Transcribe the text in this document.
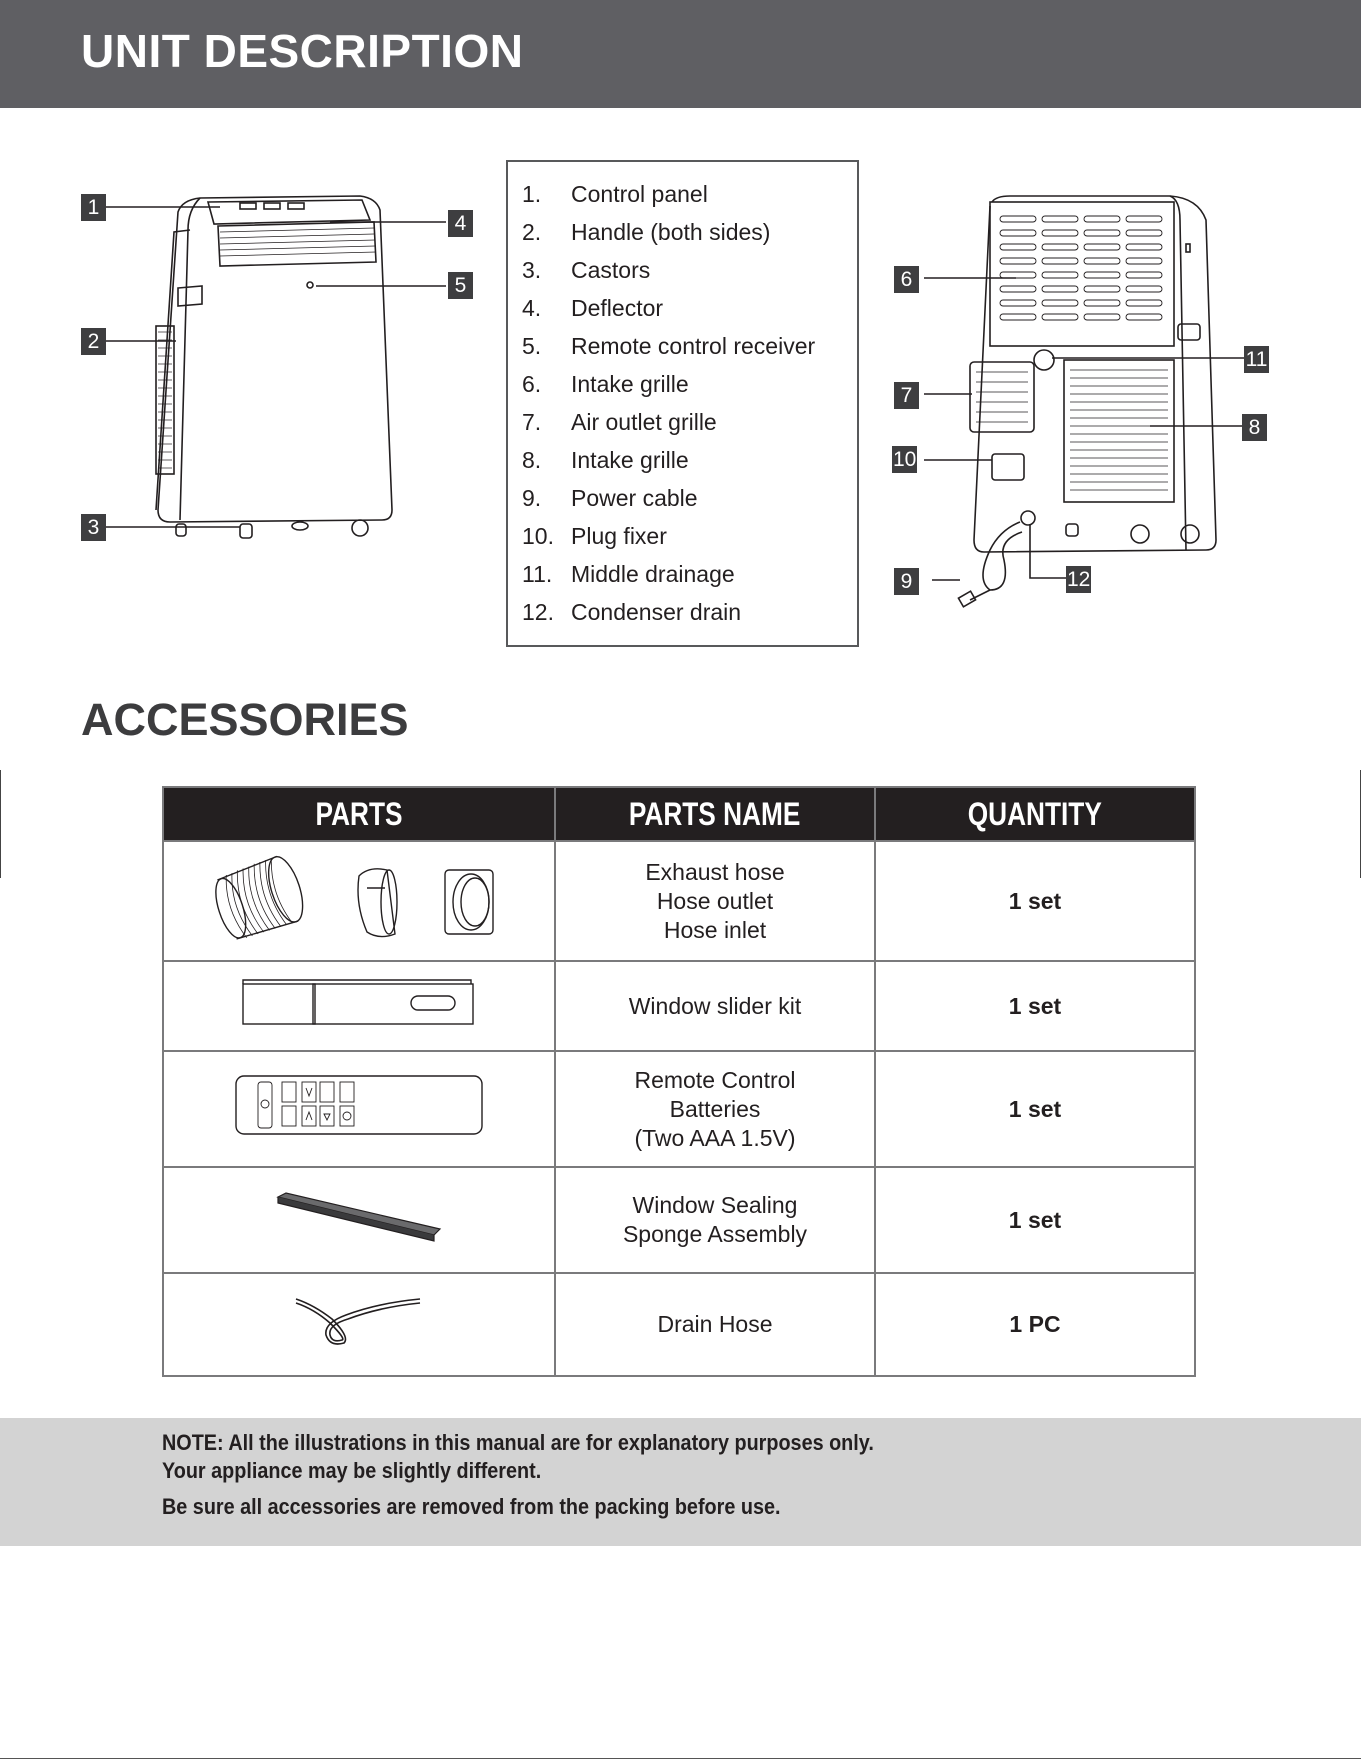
UNIT DESCRIPTION
1
2
3
4
5
1. Control panel
2. Handle (both sides)
3. Castors
4. Deflector
5. Remote control receiver
6. Intake grille
7. Air outlet grille
8. Intake grille
9. Power cable
10. Plug fixer
11. Middle drainage
12. Condenser drain
6
7
8
9
10
11
12
ACCESSORIES
PARTS	PARTS NAME	QUANTITY

Exhaust hose
Hose outlet
Hose inlet	1 set

Window slider kit	1 set

Remote Control
Batteries
(Two AAA 1.5V)	1 set

Window Sealing
Sponge Assembly	1 set

Drain Hose	1 PC

NOTE: All the illustrations in this manual are for explanatory purposes only.

Your appliance may be slightly different.

Be sure all accessories are removed from the packing before use.
